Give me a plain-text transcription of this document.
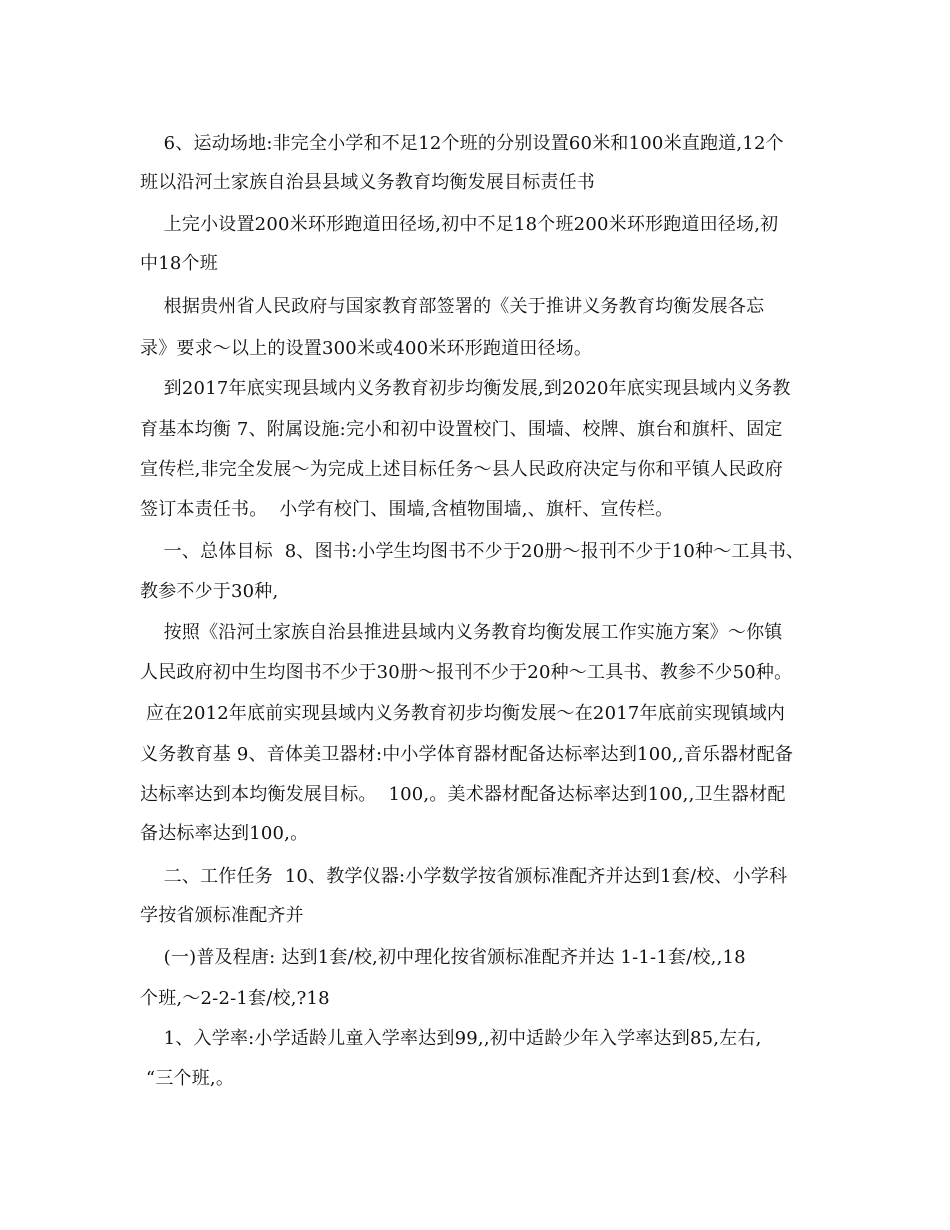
6、运动场地:非完全小学和不足12个班的分别设置60米和100米直跑道,12个
班以沿河土家族自治县县域义务教育均衡发展目标责任书
上完小设置200米环形跑道田径场,初中不足18个班200米环形跑道田径场,初
中18个班
根据贵州省人民政府与国家教育部签署的《关于推讲义务教育均衡发展各忘
录》要求～以上的设置300米或400米环形跑道田径场。
到2017年底实现县域内义务教育初步均衡发展,到2020年底实现县域内义务教
育基本均衡 7、附属设施:完小和初中设置校门、围墙、校牌、旗台和旗杆、固定
宣传栏,非完全发展～为完成上述目标任务～县人民政府决定与你和平镇人民政府
签订本责任书。  小学有校门、围墙,含植物围墙,、旗杆、宣传栏。
一、总体目标  8、图书:小学生均图书不少于20册～报刊不少于10种～工具书、
教参不少于30种,
按照《沿河土家族自治县推进县域内义务教育均衡发展工作实施方案》～你镇
人民政府初中生均图书不少于30册～报刊不少于20种～工具书、教参不少50种。
应在2012年底前实现县域内义务教育初步均衡发展～在2017年底前实现镇域内
义务教育基 9、音体美卫器材:中小学体育器材配备达标率达到100,,音乐器材配备
达标率达到本均衡发展目标。  100,。美术器材配备达标率达到100,,卫生器材配
备达标率达到100,。
二、工作任务  10、教学仪器:小学数学按省颁标准配齐并达到1套/校、小学科
学按省颁标准配齐并
(一)普及程唐: 达到1套/校,初中理化按省颁标准配齐并达 1-1-1套/校,,18
个班,～2-2-1套/校,?18
1、入学率:小学适龄儿童入学率达到99,,初中适龄少年入学率达到85,左右,
“三个班,。
